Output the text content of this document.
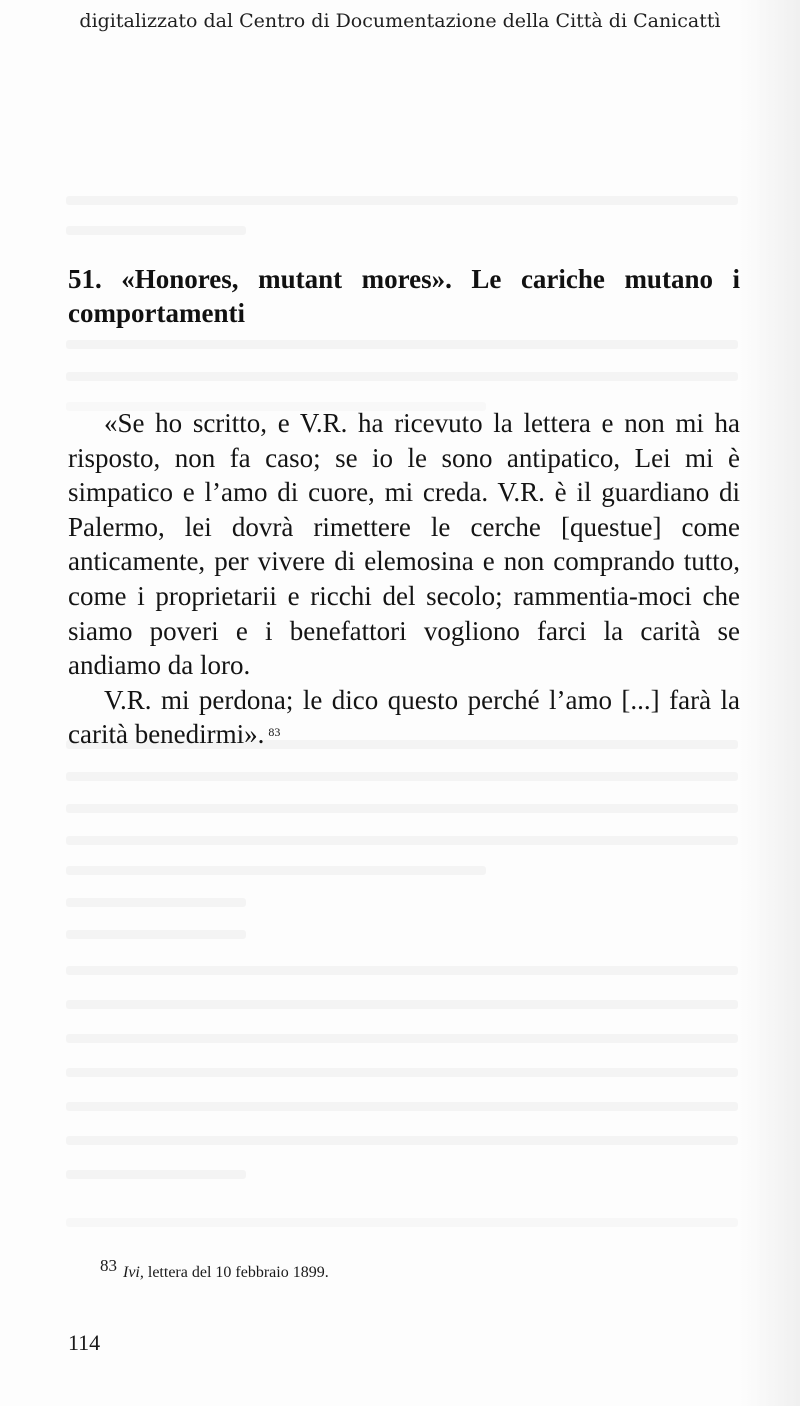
digitalizzato dal Centro di Documentazione della Città di Canicattì
51. «Honores, mutant mores». Le cariche mutano i comportamenti

«Se ho scritto, e V.R. ha ricevuto la lettera e non mi ha risposto, non fa caso; se io le sono antipatico, Lei mi è simpatico e l’amo di cuore, mi creda. V.R. è il guardiano di Palermo, lei dovrà rimettere le cerche [questue] come anticamente, per vivere di elemosina e non comprando tutto, come i proprietarii e ricchi del secolo; rammentia-moci che siamo poveri e i benefattori vogliono farci la carità se andiamo da loro.

V.R. mi perdona; le dico questo perché l’amo [...] farà la carità benedirmi». $^{83}$

83 Ivi, lettera del 10 febbraio 1899.
114
